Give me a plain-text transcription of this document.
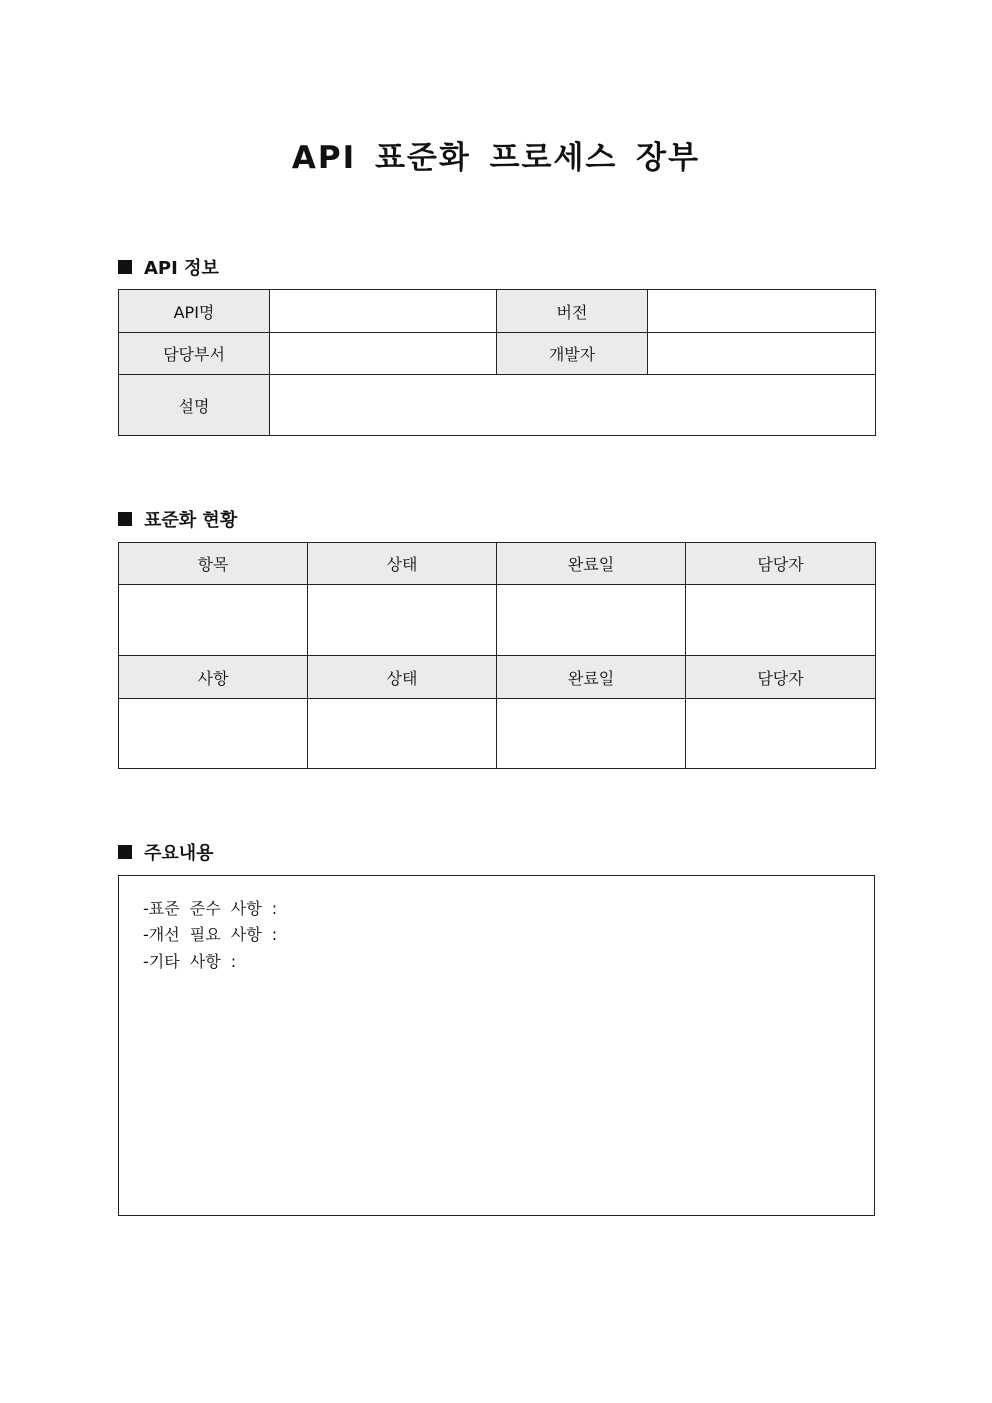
API 표준화 프로세스 장부
API 정보
API명		버전	
담당부서		개발자	
설명			
표준화 현황
항목	상태	완료일	담당자

사항	상태	완료일	담당자

주요내용
-표준 준수 사항 :
-개선 필요 사항 :
-기타 사항 :
